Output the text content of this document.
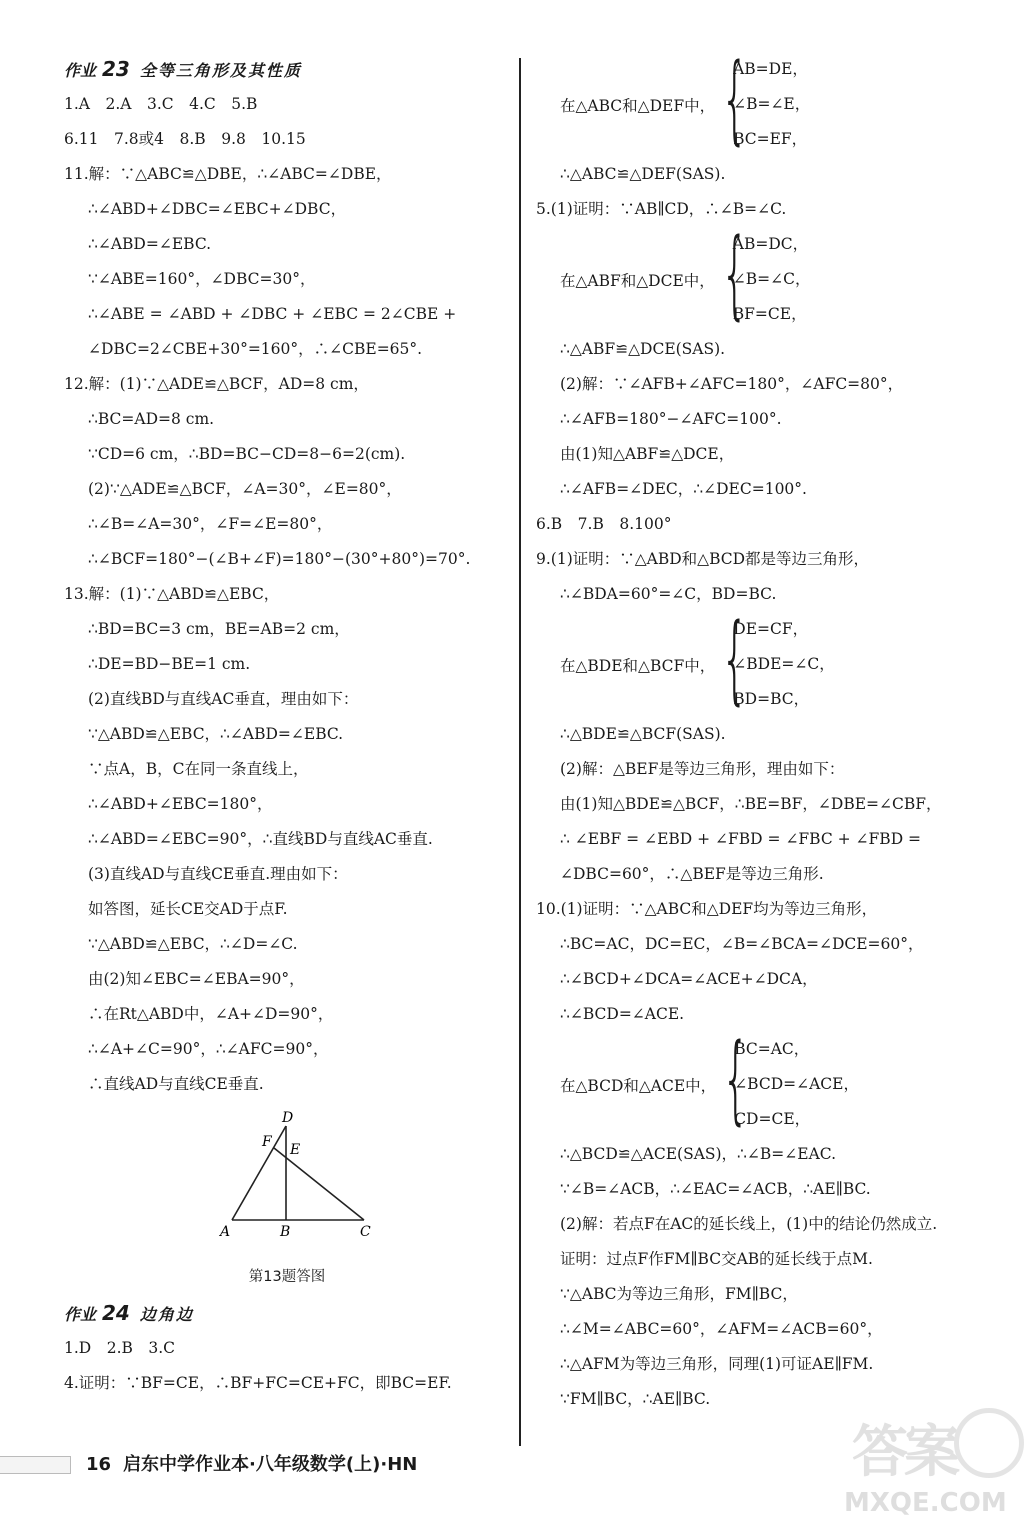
作业 23 全等三角形及其性质
1.A　2.A　3.C　4.C　5.B
6.11　7.8或4　8.B　9.8　10.15
11.解：∵△ABC≌△DBE，∴∠ABC=∠DBE，
∴∠ABD+∠DBC=∠EBC+∠DBC，
∴∠ABD=∠EBC.
∵∠ABE=160°，∠DBC=30°，
∴∠ABE = ∠ABD + ∠DBC + ∠EBC = 2∠CBE +
∠DBC=2∠CBE+30°=160°，∴∠CBE=65°.
12.解：(1)∵△ADE≌△BCF，AD=8 cm，
∴BC=AD=8 cm.
∵CD=6 cm，∴BD=BC−CD=8−6=2(cm).
(2)∵△ADE≌△BCF，∠A=30°，∠E=80°，
∴∠B=∠A=30°，∠F=∠E=80°，
∴∠BCF=180°−(∠B+∠F)=180°−(30°+80°)=70°.
13.解：(1)∵△ABD≌△EBC，
∴BD=BC=3 cm，BE=AB=2 cm，
∴DE=BD−BE=1 cm.
(2)直线BD与直线AC垂直，理由如下：
∵△ABD≌△EBC，∴∠ABD=∠EBC.
∵点A，B，C在同一条直线上，
∴∠ABD+∠EBC=180°，
∴∠ABD=∠EBC=90°，∴直线BD与直线AC垂直.
(3)直线AD与直线CE垂直.理由如下：
如答图，延长CE交AD于点F.
∵△ABD≌△EBC，∴∠D=∠C.
由(2)知∠EBC=∠EBA=90°，
∴在Rt△ABD中，∠A+∠D=90°，
∴∠A+∠C=90°，∴∠AFC=90°，
∴直线AD与直线CE垂直.
D
F E
A	B	C
第13题答图
作业 24 边角边
1.D　2.B　3.C
4.证明：∵BF=CE，∴BF+FC=CE+FC，即BC=EF.
在△ABC和△DEF中， {
AB=DE，
∠B=∠E，
BC=EF，
∴△ABC≌△DEF(SAS).
5.(1)证明：∵AB∥CD，∴∠B=∠C.
在△ABF和△DCE中， {
AB=DC，
∠B=∠C，
BF=CE，
∴△ABF≌△DCE(SAS).
(2)解：∵∠AFB+∠AFC=180°，∠AFC=80°，
∴∠AFB=180°−∠AFC=100°.
由(1)知△ABF≌△DCE，
∴∠AFB=∠DEC，∴∠DEC=100°.
6.B　7.B　8.100°
9.(1)证明：∵△ABD和△BCD都是等边三角形，
∴∠BDA=60°=∠C，BD=BC.
在△BDE和△BCF中， {
DE=CF，
∠BDE=∠C，
BD=BC，
∴△BDE≌△BCF(SAS).
(2)解：△BEF是等边三角形，理由如下：
由(1)知△BDE≌△BCF，∴BE=BF，∠DBE=∠CBF，
∴ ∠EBF = ∠EBD + ∠FBD = ∠FBC + ∠FBD =
∠DBC=60°，∴△BEF是等边三角形.
10.(1)证明：∵△ABC和△DEF均为等边三角形，
∴BC=AC，DC=EC，∠B=∠BCA=∠DCE=60°，
∴∠BCD+∠DCA=∠ACE+∠DCA，
∴∠BCD=∠ACE.
在△BCD和△ACE中， {
BC=AC，
∠BCD=∠ACE，
CD=CE，
∴△BCD≌△ACE(SAS)，∴∠B=∠EAC.
∵∠B=∠ACB，∴∠EAC=∠ACB，∴AE∥BC.
(2)解：若点F在AC的延长线上，(1)中的结论仍然成立.
证明：过点F作FM∥BC交AB的延长线于点M.
∵△ABC为等边三角形，FM∥BC，
∴∠M=∠ABC=60°，∠AFM=∠ACB=60°，
∴△AFM为等边三角形，同理(1)可证AE∥FM.
∵FM∥BC，∴AE∥BC.
16 启东中学作业本·八年级数学(上)·HN	答案
MXQE.COM
